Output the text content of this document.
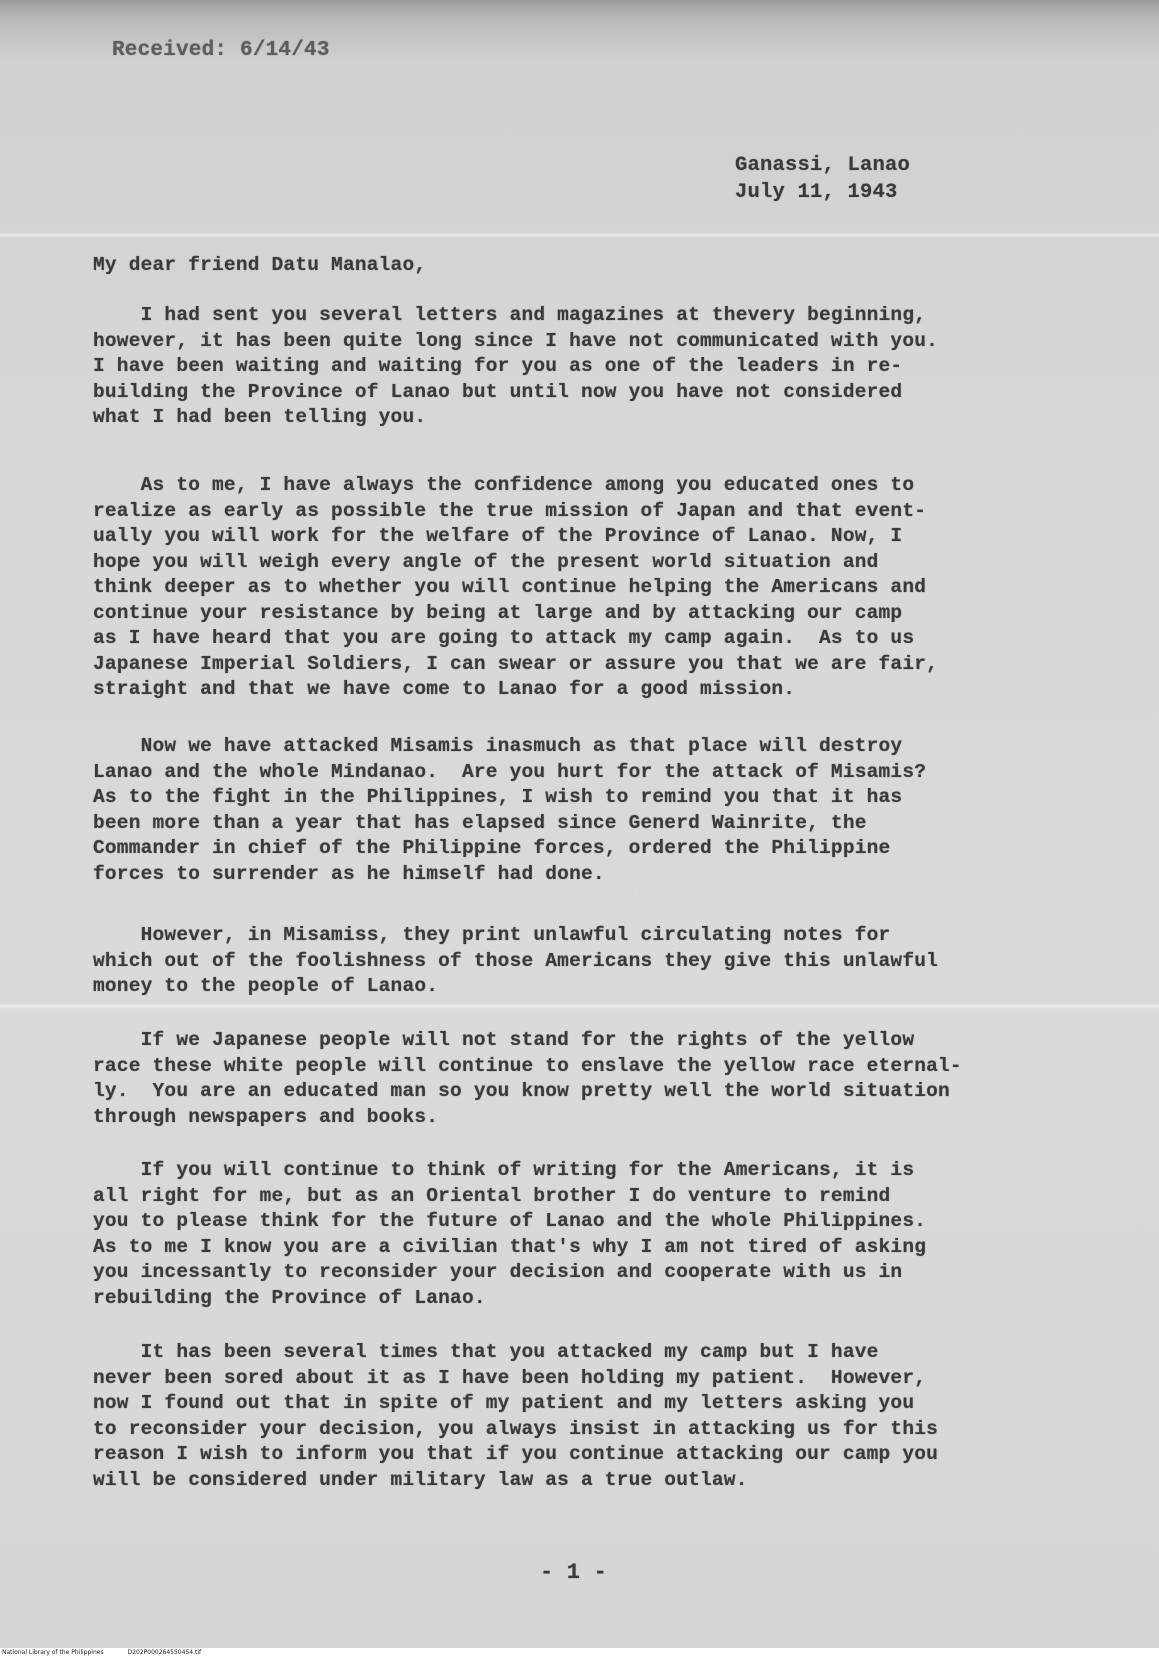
Received: 6/14/43

Ganassi, Lanao
July 11, 1943

My dear friend Datu Manalao,

I had sent you several letters and magazines at thevery beginning,
however, it has been quite long since I have not communicated with you.
I have been waiting and waiting for you as one of the leaders in re-
building the Province of Lanao but until now you have not considered
what I had been telling you.

As to me, I have always the confidence among you educated ones to
realize as early as possible the true mission of Japan and that event-
ually you will work for the welfare of the Province of Lanao. Now, I
hope you will weigh every angle of the present world situation and
think deeper as to whether you will continue helping the Americans and
continue your resistance by being at large and by attacking our camp
as I have heard that you are going to attack my camp again.  As to us
Japanese Imperial Soldiers, I can swear or assure you that we are fair,
straight and that we have come to Lanao for a good mission.

Now we have attacked Misamis inasmuch as that place will destroy
Lanao and the whole Mindanao.  Are you hurt for the attack of Misamis?
As to the fight in the Philippines, I wish to remind you that it has
been more than a year that has elapsed since Generd Wainrite, the
Commander in chief of the Philippine forces, ordered the Philippine
forces to surrender as he himself had done.

However, in Misamiss, they print unlawful circulating notes for
which out of the foolishness of those Americans they give this unlawful
money to the people of Lanao.

If we Japanese people will not stand for the rights of the yellow
race these white people will continue to enslave the yellow race eternal-
ly.  You are an educated man so you know pretty well the world situation
through newspapers and books.

If you will continue to think of writing for the Americans, it is
all right for me, but as an Oriental brother I do venture to remind
you to please think for the future of Lanao and the whole Philippines.
As to me I know you are a civilian that's why I am not tired of asking
you incessantly to reconsider your decision and cooperate with us in
rebuilding the Province of Lanao.

It has been several times that you attacked my camp but I have
never been sored about it as I have been holding my patient.  However,
now I found out that in spite of my patient and my letters asking you
to reconsider your decision, you always insist in attacking us for this
reason I wish to inform you that if you continue attacking our camp you
will be considered under military law as a true outlaw.

- 1 -

National Library of the Philippines	D202P000264550454.tif
